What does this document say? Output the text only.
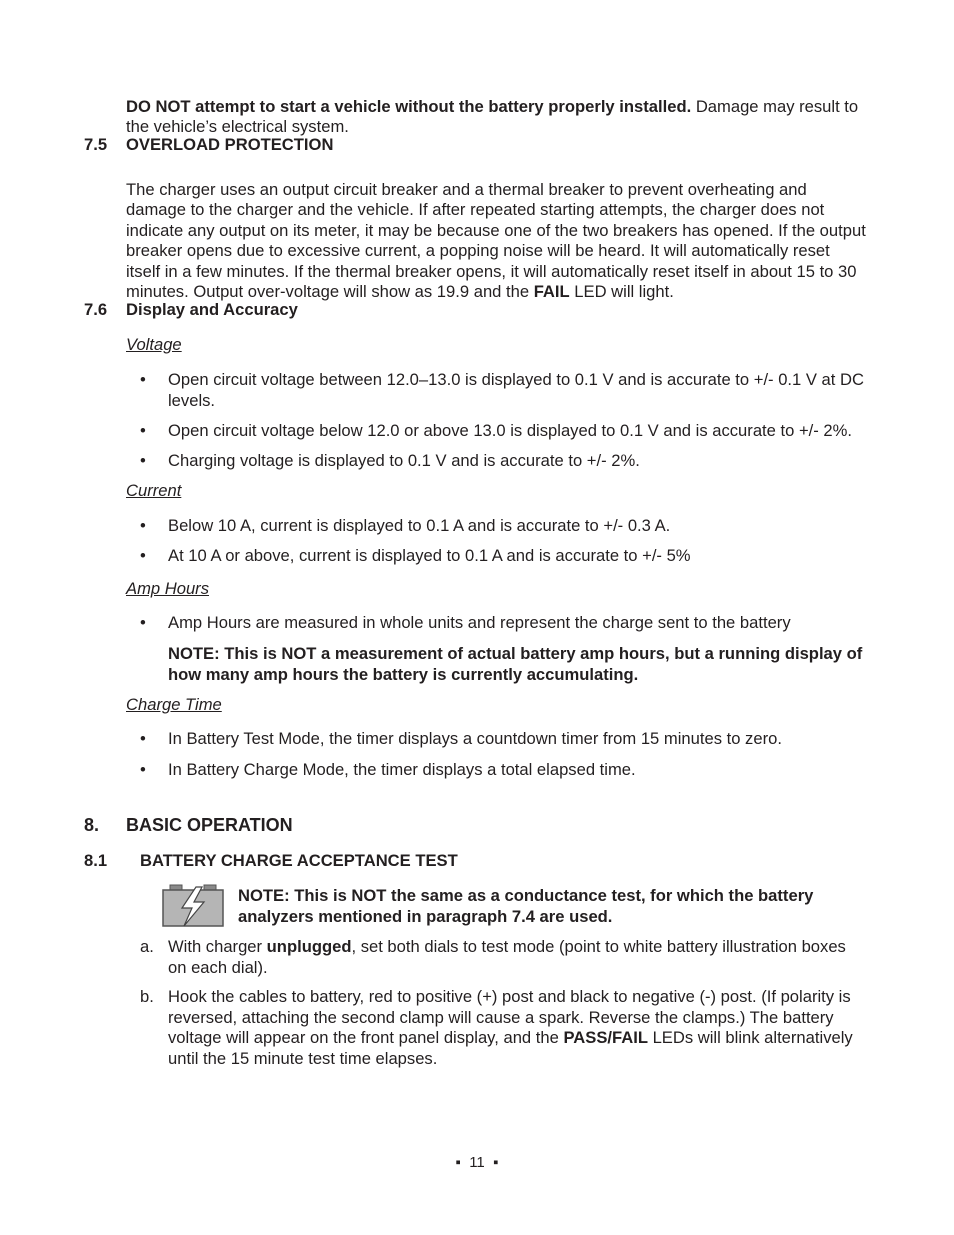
DO NOT attempt to start a vehicle without the battery properly installed. Damage may result to the vehicle’s electrical system.

7.5 OVERLOAD PROTECTION

The charger uses an output circuit breaker and a thermal breaker to prevent overheating and damage to the charger and the vehicle. If after repeated starting attempts, the charger does not indicate any output on its meter, it may be because one of the two breakers has opened. If the output breaker opens due to excessive current, a popping noise will be heard. It will automatically reset itself in a few minutes. If the thermal breaker opens, it will automatically reset itself in about 15 to 30 minutes. Output over-voltage will show as 19.9 and the FAIL LED will light.

7.6 Display and Accuracy
Voltage
• Open circuit voltage between 12.0–13.0 is displayed to 0.1 V and is accurate to +/- 0.1 V at DC levels.
• Open circuit voltage below 12.0 or above 13.0 is displayed to 0.1 V and is accurate to +/- 2%.
• Charging voltage is displayed to 0.1 V and is accurate to +/- 2%.
Current
• Below 10 A, current is displayed to 0.1 A and is accurate to +/- 0.3 A.
• At 10 A or above, current is displayed to 0.1 A and is accurate to +/- 5%
Amp Hours
• Amp Hours are measured in whole units and represent the charge sent to the battery
NOTE: This is NOT a measurement of actual battery amp hours, but a running display of how many amp hours the battery is currently accumulating.
Charge Time
• In Battery Test Mode, the timer displays a countdown timer from 15 minutes to zero.
• In Battery Charge Mode, the timer displays a total elapsed time.
8. BASIC OPERATION
8.1 BATTERY CHARGE ACCEPTANCE TEST
NOTE: This is NOT the same as a conductance test, for which the battery analyzers mentioned in paragraph 7.4 are used.
a. With charger unplugged, set both dials to test mode (point to white battery illustration boxes on each dial).

b. Hook the cables to battery, red to positive (+) post and black to negative (-) post. (If polarity is reversed, attaching the second clamp will cause a spark. Reverse the clamps.) The battery voltage will appear on the front panel display, and the PASS/FAIL LEDs will blink alternatively until the 15 minute test time elapses.

▪ 11 ▪
